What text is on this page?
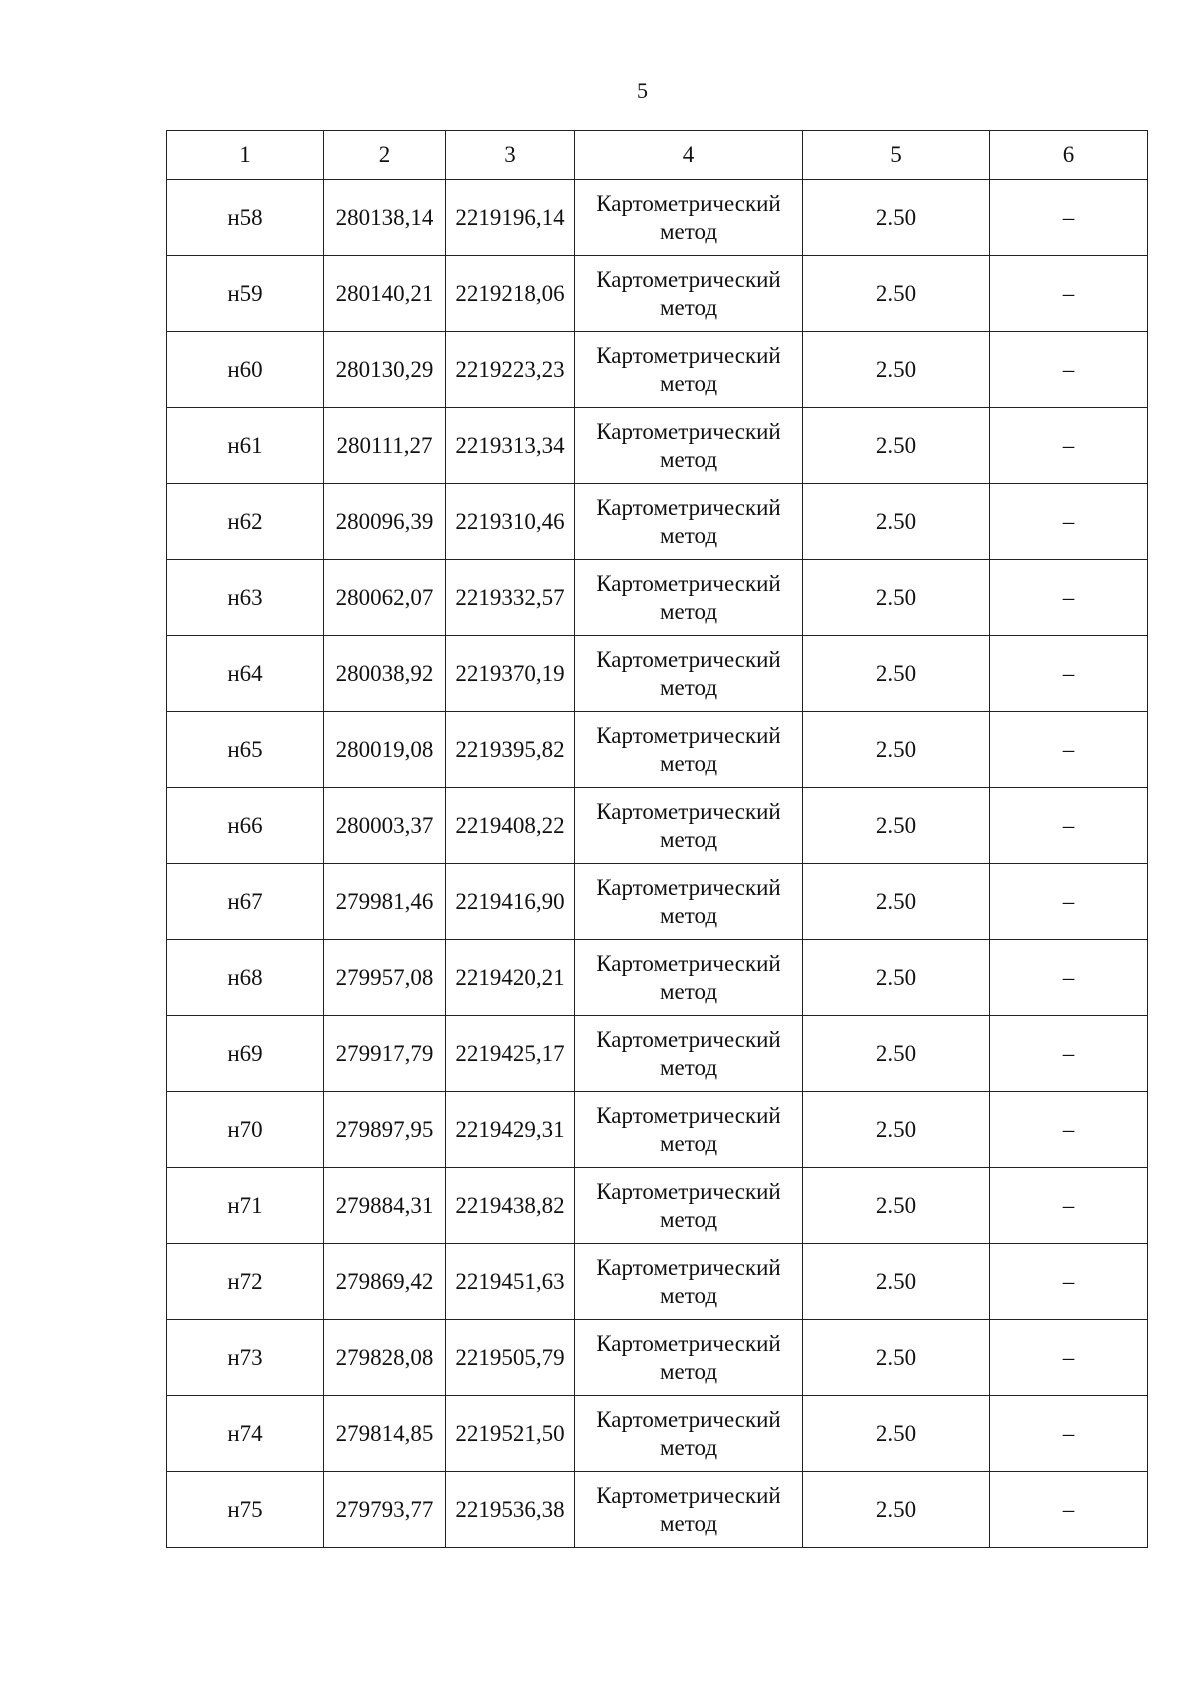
5
1	2	3	4	5	6
н58	280138,14	2219196,14	Картометрический метод	2.50	–
н59	280140,21	2219218,06	Картометрический метод	2.50	–
н60	280130,29	2219223,23	Картометрический метод	2.50	–
н61	280111,27	2219313,34	Картометрический метод	2.50	–
н62	280096,39	2219310,46	Картометрический метод	2.50	–
н63	280062,07	2219332,57	Картометрический метод	2.50	–
н64	280038,92	2219370,19	Картометрический метод	2.50	–
н65	280019,08	2219395,82	Картометрический метод	2.50	–
н66	280003,37	2219408,22	Картометрический метод	2.50	–
н67	279981,46	2219416,90	Картометрический метод	2.50	–
н68	279957,08	2219420,21	Картометрический метод	2.50	–
н69	279917,79	2219425,17	Картометрический метод	2.50	–
н70	279897,95	2219429,31	Картометрический метод	2.50	–
н71	279884,31	2219438,82	Картометрический метод	2.50	–
н72	279869,42	2219451,63	Картометрический метод	2.50	–
н73	279828,08	2219505,79	Картометрический метод	2.50	–
н74	279814,85	2219521,50	Картометрический метод	2.50	–
н75	279793,77	2219536,38	Картометрический метод	2.50	–
